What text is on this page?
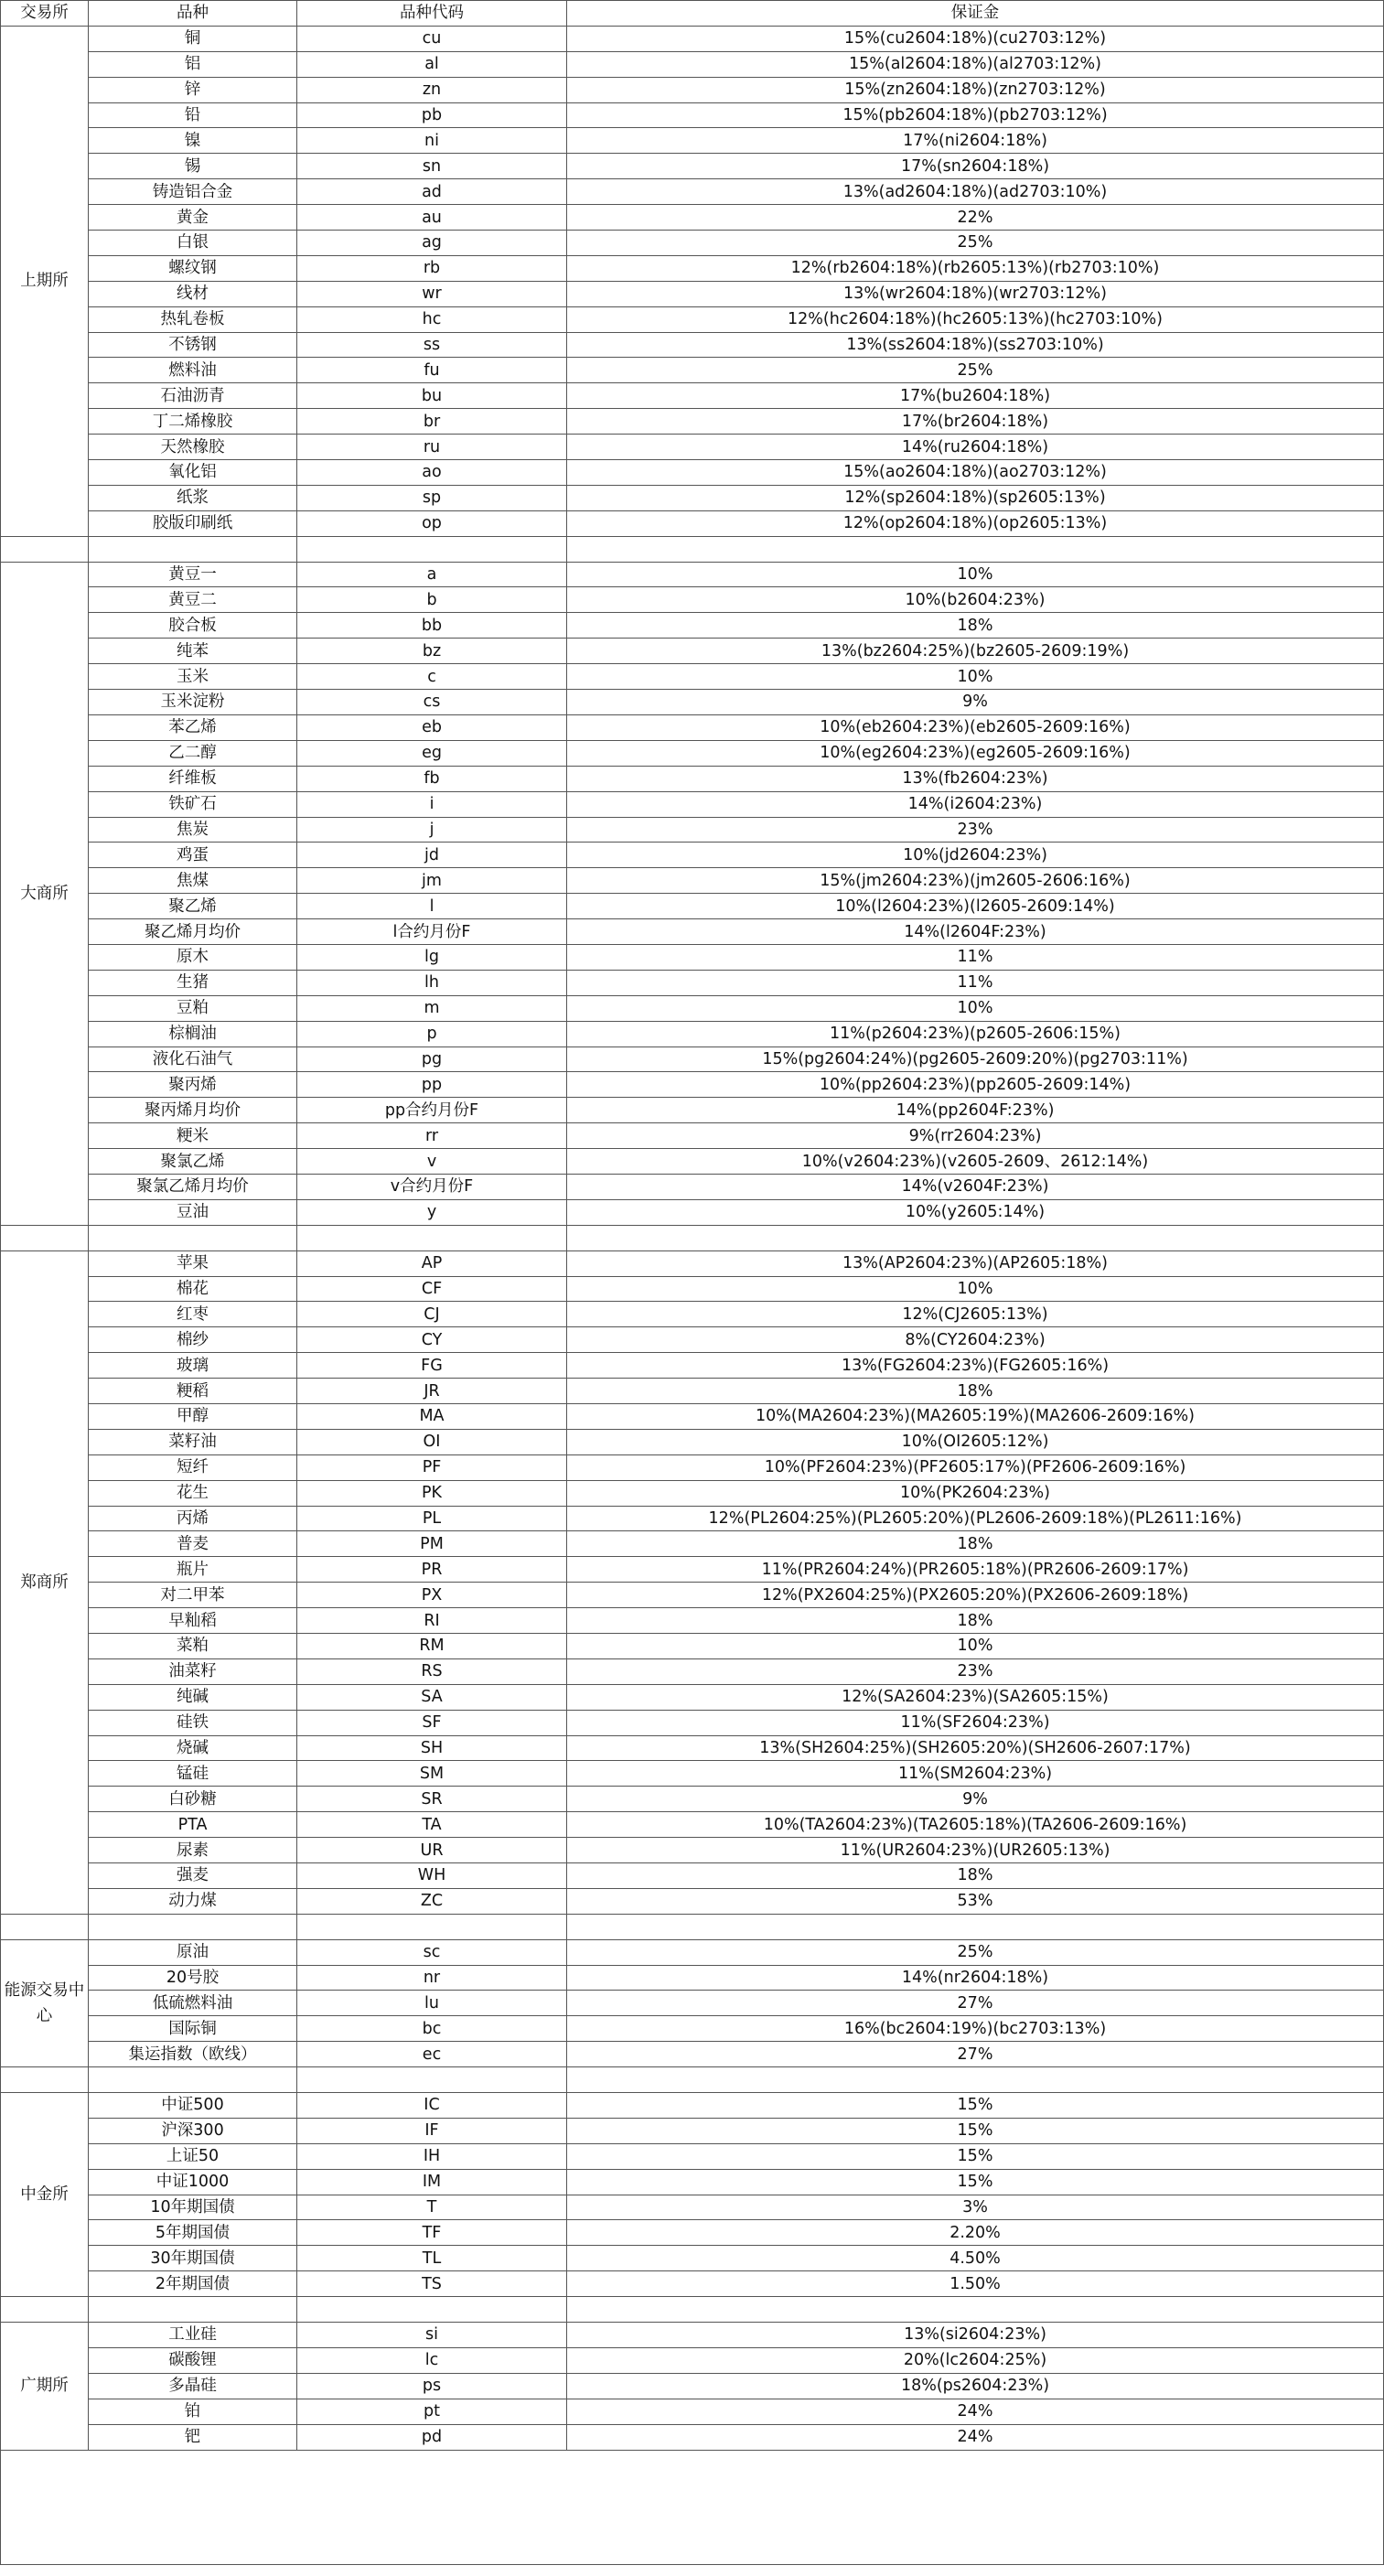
交易所	品种	品种代码	保证金
上期所	铜	cu	15%(cu2604:18%)(cu2703:12%)
	铝	al	15%(al2604:18%)(al2703:12%)
	锌	zn	15%(zn2604:18%)(zn2703:12%)
	铅	pb	15%(pb2604:18%)(pb2703:12%)
	镍	ni	17%(ni2604:18%)
	锡	sn	17%(sn2604:18%)
	铸造铝合金	ad	13%(ad2604:18%)(ad2703:10%)
	黄金	au	22%
	白银	ag	25%
	螺纹钢	rb	12%(rb2604:18%)(rb2605:13%)(rb2703:10%)
	线材	wr	13%(wr2604:18%)(wr2703:12%)
	热轧卷板	hc	12%(hc2604:18%)(hc2605:13%)(hc2703:10%)
	不锈钢	ss	13%(ss2604:18%)(ss2703:10%)
	燃料油	fu	25%
	石油沥青	bu	17%(bu2604:18%)
	丁二烯橡胶	br	17%(br2604:18%)
	天然橡胶	ru	14%(ru2604:18%)
	氧化铝	ao	15%(ao2604:18%)(ao2703:12%)
	纸浆	sp	12%(sp2604:18%)(sp2605:13%)
	胶版印刷纸	op	12%(op2604:18%)(op2605:13%)

大商所	黄豆一	a	10%
	黄豆二	b	10%(b2604:23%)
	胶合板	bb	18%
	纯苯	bz	13%(bz2604:25%)(bz2605-2609:19%)
	玉米	c	10%
	玉米淀粉	cs	9%
	苯乙烯	eb	10%(eb2604:23%)(eb2605-2609:16%)
	乙二醇	eg	10%(eg2604:23%)(eg2605-2609:16%)
	纤维板	fb	13%(fb2604:23%)
	铁矿石	i	14%(i2604:23%)
	焦炭	j	23%
	鸡蛋	jd	10%(jd2604:23%)
	焦煤	jm	15%(jm2604:23%)(jm2605-2606:16%)
	聚乙烯	l	10%(l2604:23%)(l2605-2609:14%)
	聚乙烯月均价	l合约月份F	14%(l2604F:23%)
	原木	lg	11%
	生猪	lh	11%
	豆粕	m	10%
	棕榈油	p	11%(p2604:23%)(p2605-2606:15%)
	液化石油气	pg	15%(pg2604:24%)(pg2605-2609:20%)(pg2703:11%)
	聚丙烯	pp	10%(pp2604:23%)(pp2605-2609:14%)
	聚丙烯月均价	pp合约月份F	14%(pp2604F:23%)
	粳米	rr	9%(rr2604:23%)
	聚氯乙烯	v	10%(v2604:23%)(v2605-2609、2612:14%)
	聚氯乙烯月均价	v合约月份F	14%(v2604F:23%)
	豆油	y	10%(y2605:14%)

郑商所	苹果	AP	13%(AP2604:23%)(AP2605:18%)
	棉花	CF	10%
	红枣	CJ	12%(CJ2605:13%)
	棉纱	CY	8%(CY2604:23%)
	玻璃	FG	13%(FG2604:23%)(FG2605:16%)
	粳稻	JR	18%
	甲醇	MA	10%(MA2604:23%)(MA2605:19%)(MA2606-2609:16%)
	菜籽油	OI	10%(OI2605:12%)
	短纤	PF	10%(PF2604:23%)(PF2605:17%)(PF2606-2609:16%)
	花生	PK	10%(PK2604:23%)
	丙烯	PL	12%(PL2604:25%)(PL2605:20%)(PL2606-2609:18%)(PL2611:16%)
	普麦	PM	18%
	瓶片	PR	11%(PR2604:24%)(PR2605:18%)(PR2606-2609:17%)
	对二甲苯	PX	12%(PX2604:25%)(PX2605:20%)(PX2606-2609:18%)
	早籼稻	RI	18%
	菜粕	RM	10%
	油菜籽	RS	23%
	纯碱	SA	12%(SA2604:23%)(SA2605:15%)
	硅铁	SF	11%(SF2604:23%)
	烧碱	SH	13%(SH2604:25%)(SH2605:20%)(SH2606-2607:17%)
	锰硅	SM	11%(SM2604:23%)
	白砂糖	SR	9%
	PTA	TA	10%(TA2604:23%)(TA2605:18%)(TA2606-2609:16%)
	尿素	UR	11%(UR2604:23%)(UR2605:13%)
	强麦	WH	18%
	动力煤	ZC	53%

能源交易中心	原油	sc	25%
	20号胶	nr	14%(nr2604:18%)
	低硫燃料油	lu	27%
	国际铜	bc	16%(bc2604:19%)(bc2703:13%)
	集运指数（欧线）	ec	27%

中金所	中证500	IC	15%
	沪深300	IF	15%
	上证50	IH	15%
	中证1000	IM	15%
	10年期国债	T	3%
	5年期国债	TF	2.20%
	30年期国债	TL	4.50%
	2年期国债	TS	1.50%

广期所	工业硅	si	13%(si2604:23%)
	碳酸锂	lc	20%(lc2604:25%)
	多晶硅	ps	18%(ps2604:23%)
	铂	pt	24%
	钯	pd	24%
